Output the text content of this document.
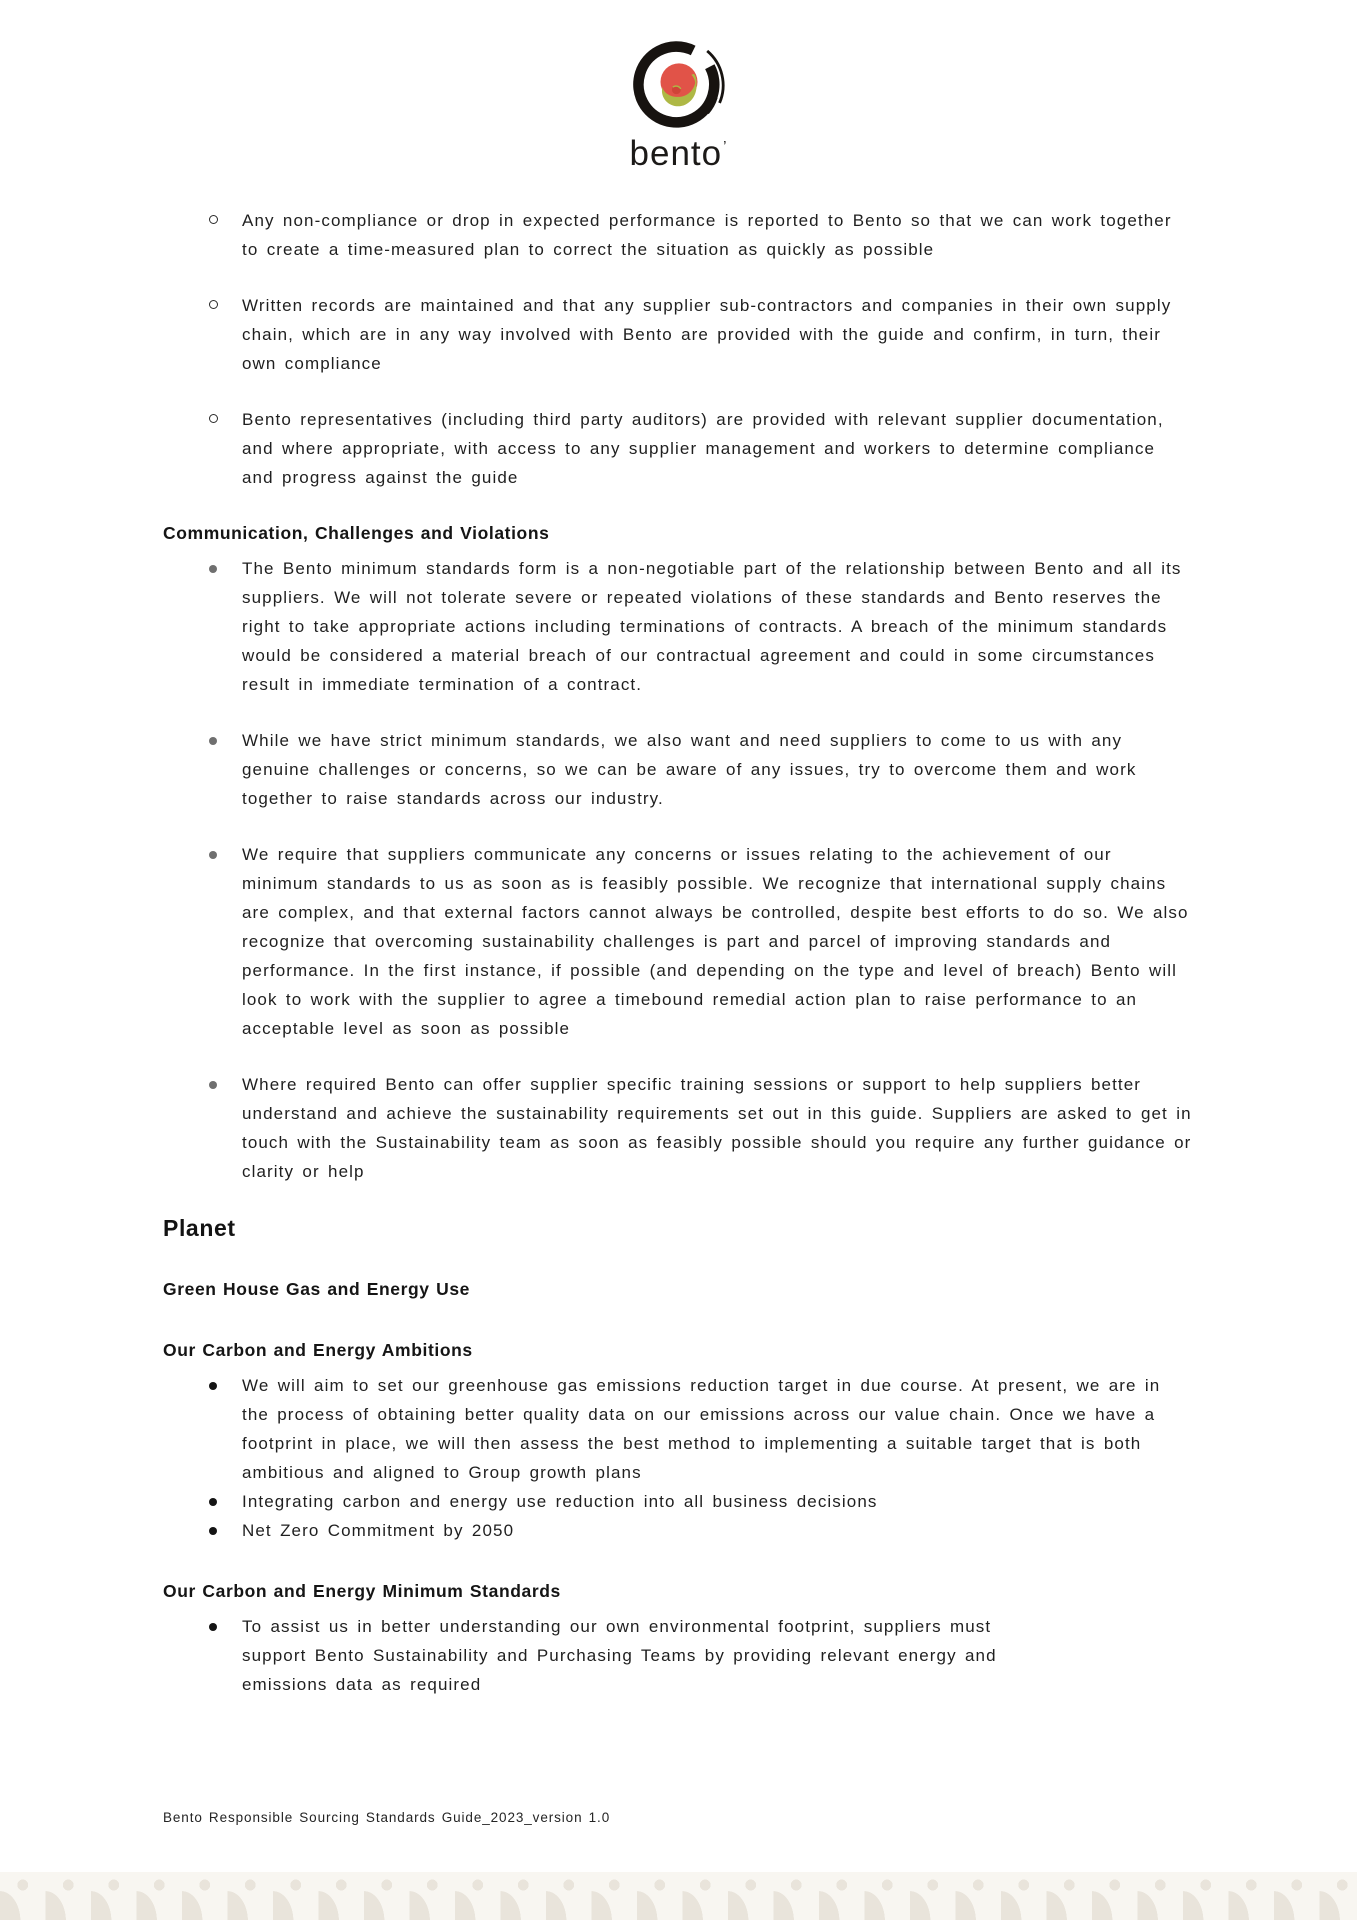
bento’

Any non-compliance or drop in expected performance is reported to Bento so that we can work together to create a time-measured plan to correct the situation as quickly as possible

Written records are maintained and that any supplier sub-contractors and companies in their own supply chain, which are in any way involved with Bento are provided with the guide and confirm, in turn, their own compliance

Bento representatives (including third party auditors) are provided with relevant supplier documentation, and where appropriate, with access to any supplier management and workers to determine compliance and progress against the guide

Communication, Challenges and Violations

The Bento minimum standards form is a non-negotiable part of the relationship between Bento and all its suppliers. We will not tolerate severe or repeated violations of these standards and Bento reserves the right to take appropriate actions including terminations of contracts. A breach of the minimum standards would be considered a material breach of our contractual agreement and could in some circumstances result in immediate termination of a contract.

While we have strict minimum standards, we also want and need suppliers to come to us with any genuine challenges or concerns, so we can be aware of any issues, try to overcome them and work together to raise standards across our industry.

We require that suppliers communicate any concerns or issues relating to the achievement of our minimum standards to us as soon as is feasibly possible. We recognize that international supply chains are complex, and that external factors cannot always be controlled, despite best efforts to do so. We also recognize that overcoming sustainability challenges is part and parcel of improving standards and performance. In the first instance, if possible (and depending on the type and level of breach) Bento will look to work with the supplier to agree a timebound remedial action plan to raise performance to an acceptable level as soon as possible

Where required Bento can offer supplier specific training sessions or support to help suppliers better understand and achieve the sustainability requirements set out in this guide. Suppliers are asked to get in touch with the Sustainability team as soon as feasibly possible should you require any further guidance or clarity or help

Planet
Green House Gas and Energy Use
Our Carbon and Energy Ambitions

We will aim to set our greenhouse gas emissions reduction target in due course. At present, we are in the process of obtaining better quality data on our emissions across our value chain. Once we have a footprint in place, we will then assess the best method to implementing a suitable target that is both ambitious and aligned to Group growth plans

Integrating carbon and energy use reduction into all business decisions

Net Zero Commitment by 2050

Our Carbon and Energy Minimum Standards

To assist us in better understanding our own environmental footprint, suppliers must support Bento Sustainability and Purchasing Teams by providing relevant energy and emissions data as required

Bento Responsible Sourcing Standards Guide_2023_version 1.0
